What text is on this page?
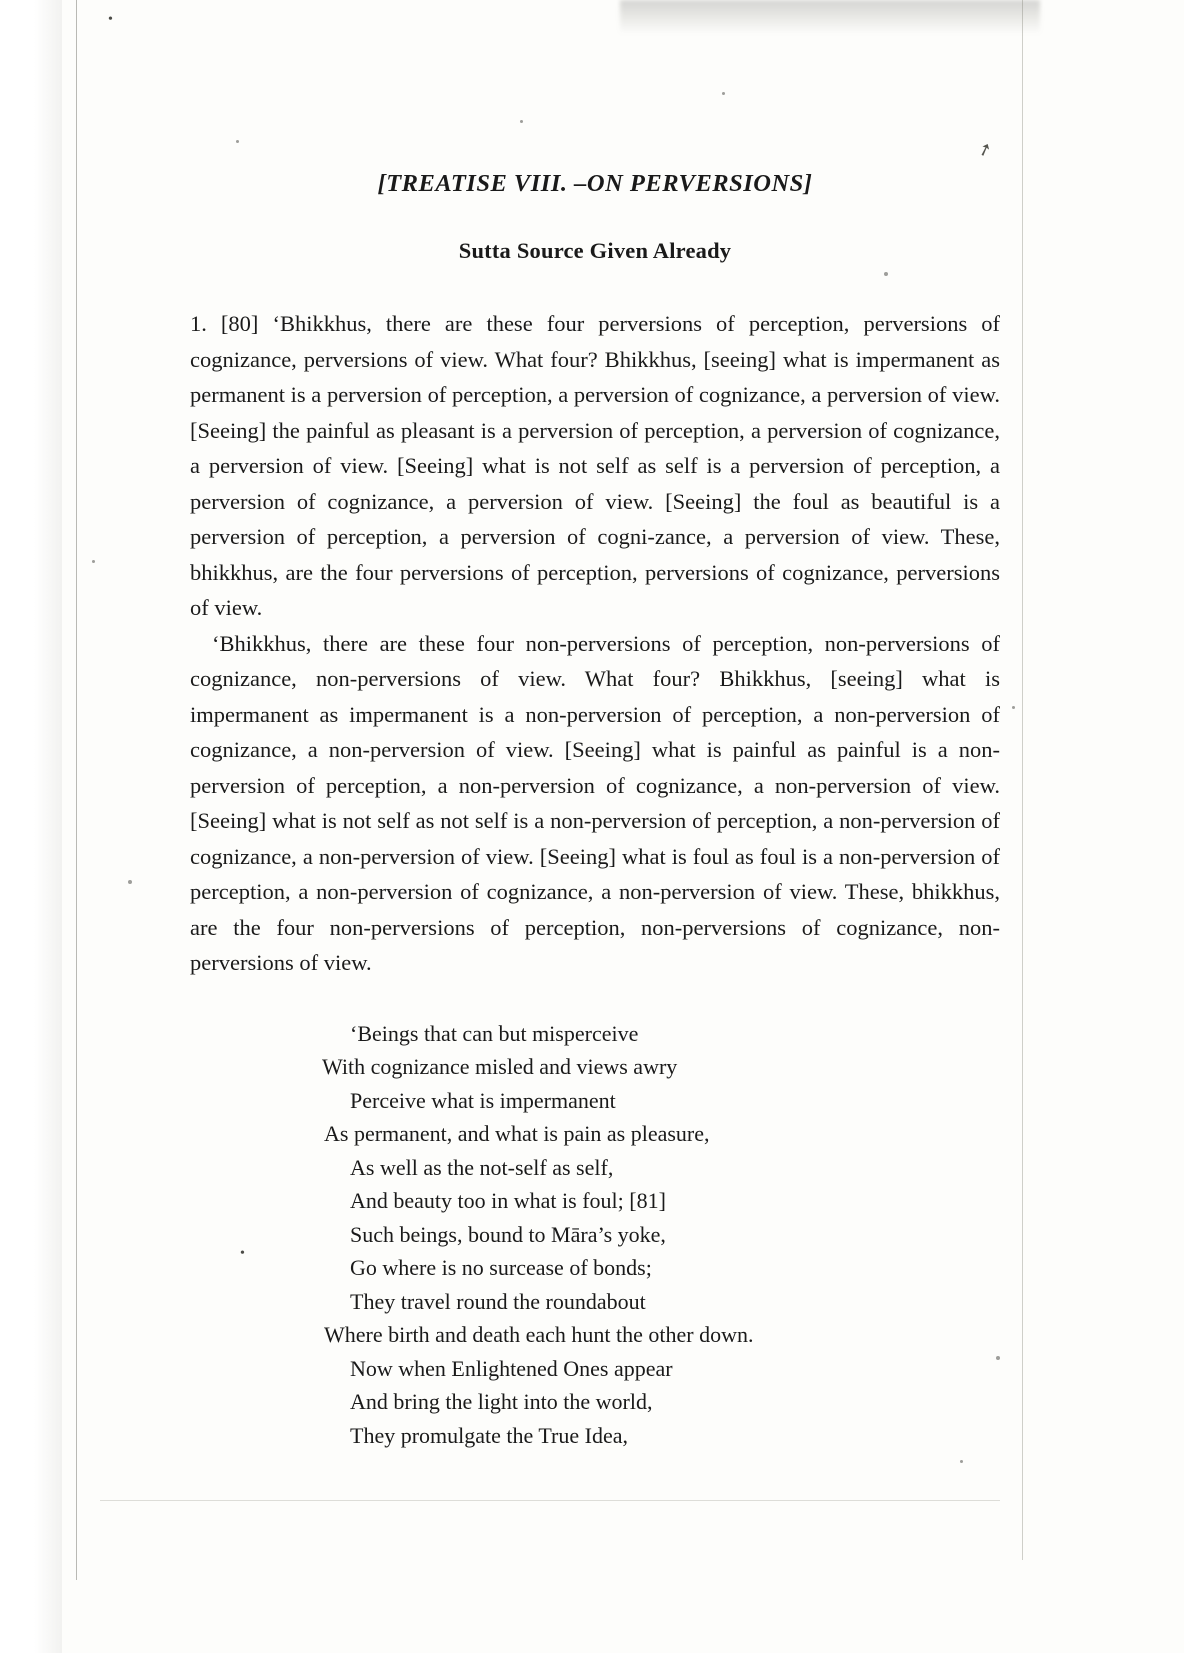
➚
•
•
[TREATISE VIII. –ON PERVERSIONS]
Sutta Source Given Already

1. [80] ‘Bhikkhus, there are these four perversions of perception, perversions of cognizance, perversions of view. What four? Bhikkhus, [seeing] what is impermanent as permanent is a perversion of perception, a perversion of cognizance, a perversion of view. [Seeing] the painful as pleasant is a perversion of perception, a perversion of cognizance, a perversion of view. [Seeing] what is not self as self is a perversion of perception, a perversion of cognizance, a perversion of view. [Seeing] the foul as beautiful is a perversion of perception, a perversion of cogni-zance, a perversion of view. These, bhikkhus, are the four perversions of perception, perversions of cognizance, perversions of view.

‘Bhikkhus, there are these four non-perversions of perception, non-perversions of cognizance, non-perversions of view. What four? Bhikkhus, [seeing] what is impermanent as impermanent is a non-perversion of perception, a non-perversion of cognizance, a non-perversion of view. [Seeing] what is painful as painful is a non-perversion of perception, a non-perversion of cognizance, a non-perversion of view. [Seeing] what is not self as not self is a non-perversion of perception, a non-perversion of cognizance, a non-perversion of view. [Seeing] what is foul as foul is a non-perversion of perception, a non-perversion of cognizance, a non-perversion of view. These, bhikkhus, are the four non-perversions of perception, non-perversions of cognizance, non-perversions of view.

‘Beings that can but misperceive
With cognizance misled and views awry
Perceive what is impermanent
As permanent, and what is pain as pleasure,
As well as the not-self as self,
And beauty too in what is foul; [81]
Such beings, bound to Māra’s yoke,
Go where is no surcease of bonds;
They travel round the roundabout
Where birth and death each hunt the other down.
Now when Enlightened Ones appear
And bring the light into the world,
They promulgate the True Idea,
